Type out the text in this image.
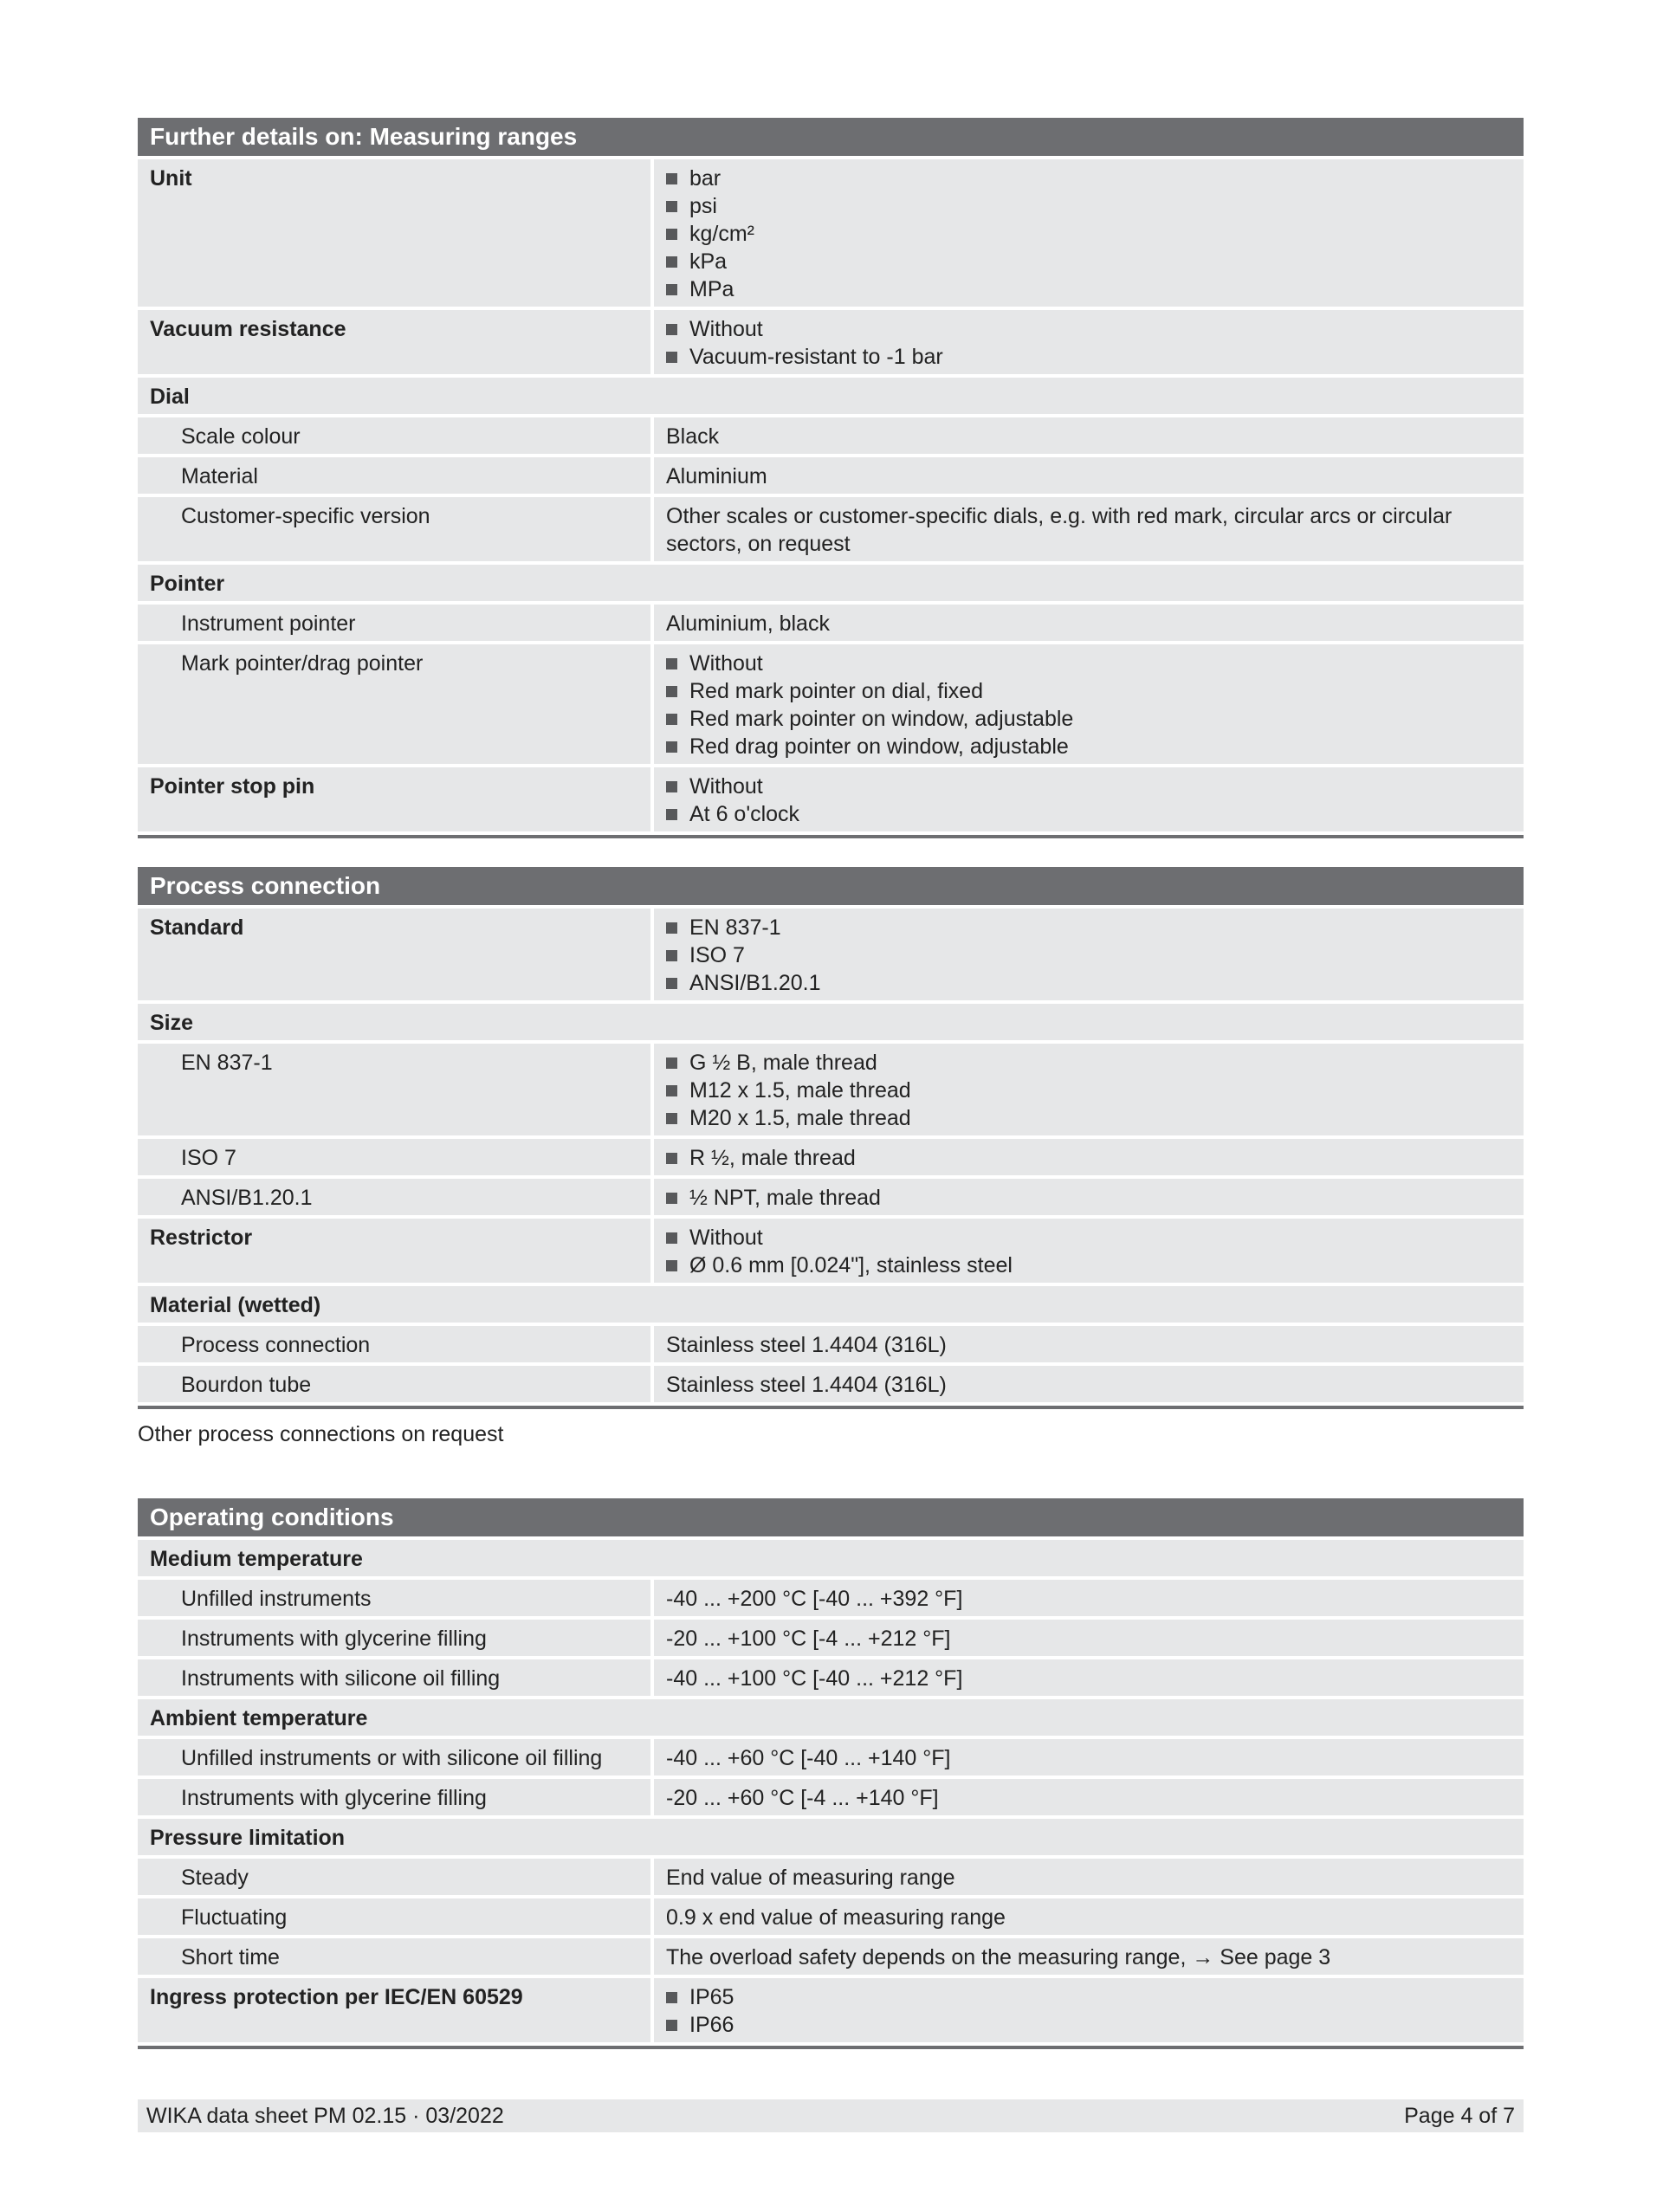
Further details on: Measuring ranges
Unit	bar
psi
kg/cm²
kPa
MPa
Vacuum resistance	Without
Vacuum-resistant to -1 bar
Dial
Scale colour	Black
Material	Aluminium
Customer-specific version	Other scales or customer-specific dials, e.g. with red mark, circular arcs or circular sectors, on request
Pointer
Instrument pointer	Aluminium, black
Mark pointer/drag pointer	Without
Red mark pointer on dial, fixed
Red mark pointer on window, adjustable
Red drag pointer on window, adjustable
Pointer stop pin	Without
At 6 o'clock
Process connection
Standard	EN 837-1
ISO 7
ANSI/B1.20.1
Size
EN 837-1	G ½ B, male thread
M12 x 1.5, male thread
M20 x 1.5, male thread
ISO 7	R ½, male thread
ANSI/B1.20.1	½ NPT, male thread
Restrictor	Without
Ø 0.6 mm [0.024"], stainless steel
Material (wetted)
Process connection	Stainless steel 1.4404 (316L)
Bourdon tube	Stainless steel 1.4404 (316L)
Other process connections on request
Operating conditions
Medium temperature
Unfilled instruments	-40 ... +200 °C [-40 ... +392 °F]
Instruments with glycerine filling	-20 ... +100 °C [-4 ... +212 °F]
Instruments with silicone oil filling	-40 ... +100 °C [-40 ... +212 °F]
Ambient temperature
Unfilled instruments or with silicone oil filling	-40 ... +60 °C [-40 ... +140 °F]
Instruments with glycerine filling	-20 ... +60 °C [-4 ... +140 °F]
Pressure limitation
Steady	End value of measuring range
Fluctuating	0.9 x end value of measuring range
Short time	The overload safety depends on the measuring range, → See page 3
Ingress protection per IEC/EN 60529	IP65
IP66
WIKA data sheet PM 02.15 · 03/2022	Page 4 of 7
